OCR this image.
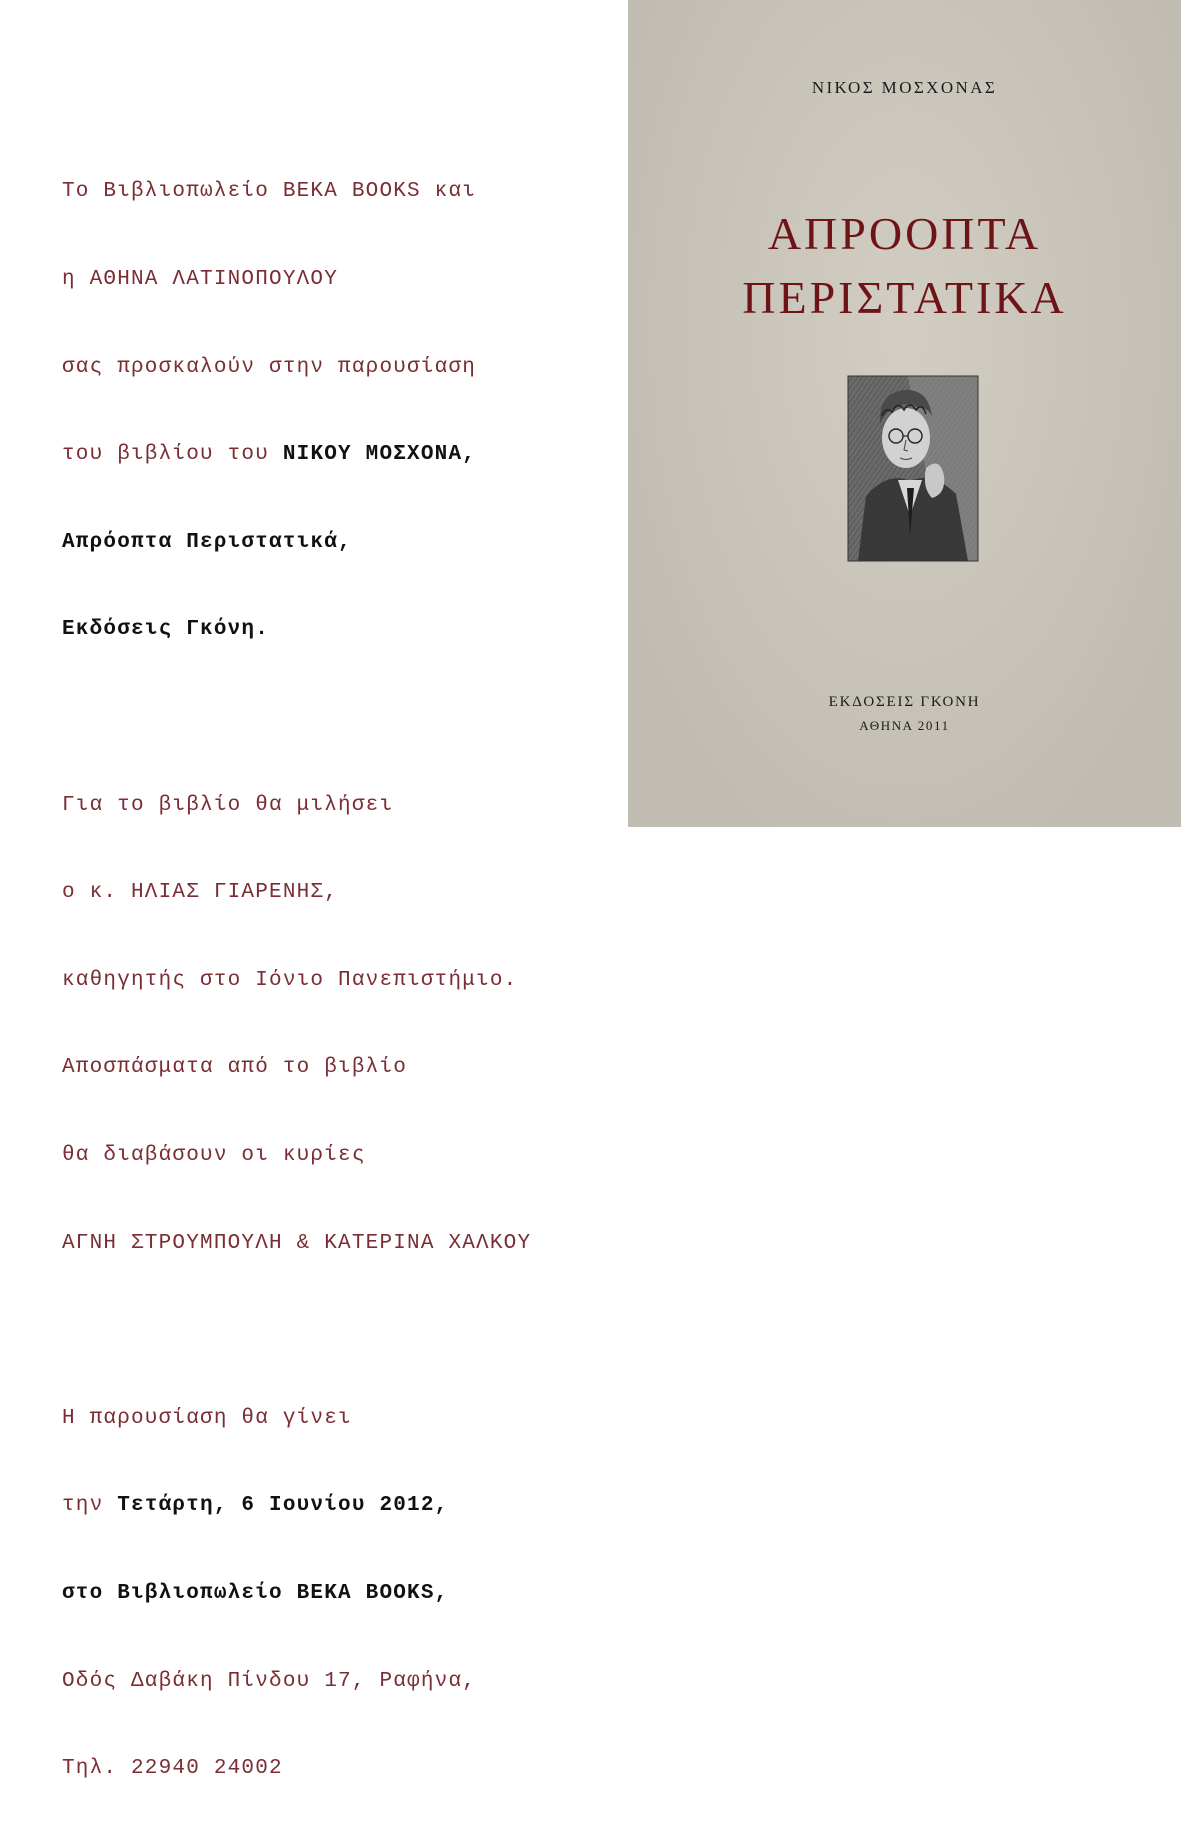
Το Βιβλιοπωλείο BEKA BOOKS και

η ΑΘΗΝΑ ΛΑΤΙΝΟΠΟΥΛΟΥ

σας προσκαλούν στην παρουσίαση

του βιβλίου του ΝΙΚΟΥ ΜΟΣΧΟΝΑ,

Απρόοπτα Περιστατικά,

Εκδόσεις Γκόνη.

Για το βιβλίο θα μιλήσει

ο κ. ΗΛΙΑΣ ΓΙΑΡΕΝΗΣ,

καθηγητής στο Ιόνιο Πανεπιστήμιο.

Αποσπάσματα από το βιβλίο

θα διαβάσουν οι κυρίες

ΑΓΝΗ ΣΤΡΟΥΜΠΟΥΛΗ & ΚΑΤΕΡΙΝΑ ΧΑΛΚΟΥ

Η παρουσίαση θα γίνει

την Τετάρτη, 6 Ιουνίου 2012,

στο Βιβλιοπωλείο BEKA BOOKS,

Οδός Δαβάκη Πίνδου 17, Ραφήνα,

Τηλ. 22940 24002

ΝΙΚΟΣ ΜΟΣΧΟΝΑΣ
ΑΠΡΟΟΠΤΑ
ΠΕΡΙΣΤΑΤΙΚΑ
ΕΚΔΟΣΕΙΣ ΓΚΟΝΗ
ΑΘΗΝΑ 2011
